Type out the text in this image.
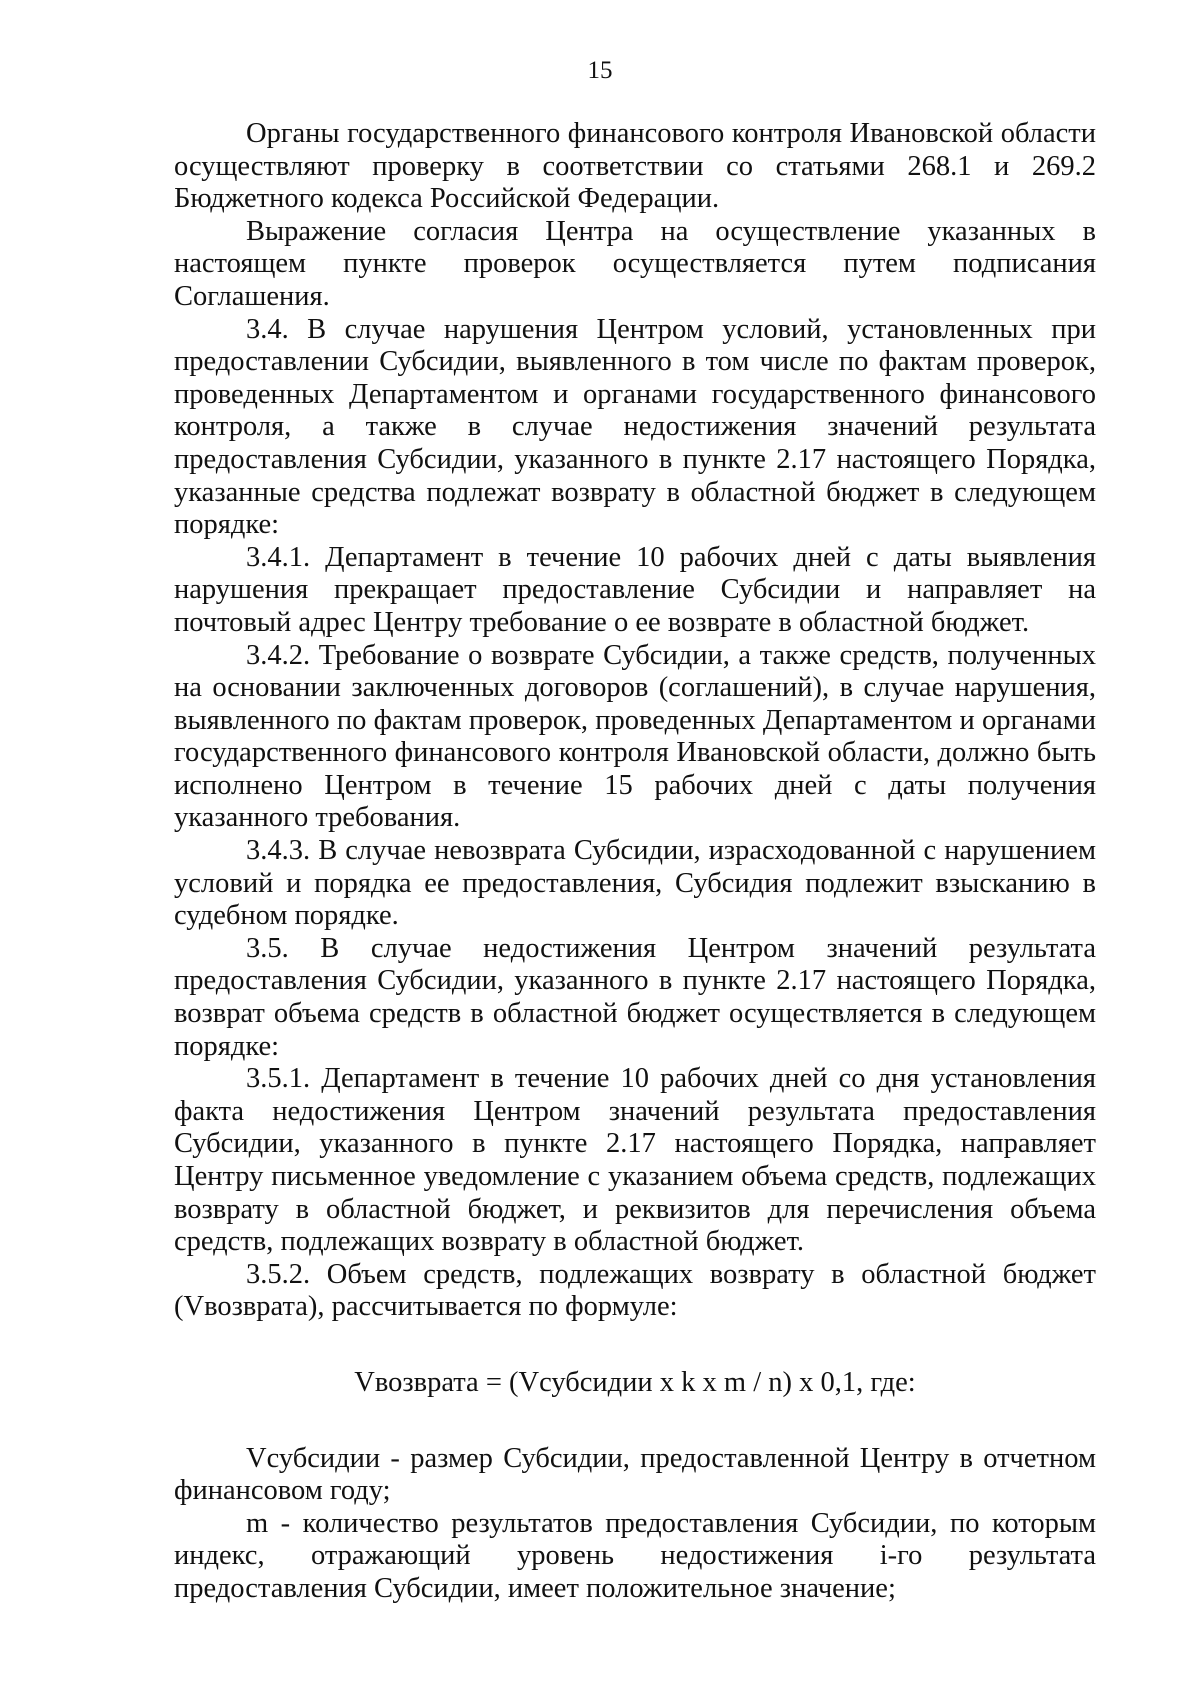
15

Органы государственного финансового контроля Ивановской области осуществляют проверку в соответствии со статьями 268.1 и 269.2 Бюджетного кодекса Российской Федерации.

Выражение согласия Центра на осуществление указанных в настоящем пункте проверок осуществляется путем подписания Соглашения.

3.4. В случае нарушения Центром условий, установленных при предоставлении Субсидии, выявленного в том числе по фактам проверок, проведенных Департаментом и органами государственного финансового контроля, а также в случае недостижения значений результата предоставления Субсидии, указанного в пункте 2.17 настоящего Порядка, указанные средства подлежат возврату в областной бюджет в следующем порядке:

3.4.1. Департамент в течение 10 рабочих дней с даты выявления нарушения прекращает предоставление Субсидии и направляет на почтовый адрес Центру требование о ее возврате в областной бюджет.

3.4.2. Требование о возврате Субсидии, а также средств, полученных на основании заключенных договоров (соглашений), в случае нарушения, выявленного по фактам проверок, проведенных Департаментом и органами государственного финансового контроля Ивановской области, должно быть исполнено Центром в течение 15 рабочих дней с даты получения указанного требования.

3.4.3. В случае невозврата Субсидии, израсходованной с нарушением условий и порядка ее предоставления, Субсидия подлежит взысканию в судебном порядке.

3.5. В случае недостижения Центром значений результата предоставления Субсидии, указанного в пункте 2.17 настоящего Порядка, возврат объема средств в областной бюджет осуществляется в следующем порядке:

3.5.1. Департамент в течение 10 рабочих дней со дня установления факта недостижения Центром значений результата предоставления Субсидии, указанного в пункте 2.17 настоящего Порядка, направляет Центру письменное уведомление с указанием объема средств, подлежащих возврату в областной бюджет, и реквизитов для перечисления объема средств, подлежащих возврату в областной бюджет.

3.5.2. Объем средств, подлежащих возврату в областной бюджет (Vвозврата), рассчитывается по формуле:

Vвозврата = (Vсубсидии x k x m / n) x 0,1, где:

Vсубсидии - размер Субсидии, предоставленной Центру в отчетном финансовом году;

m - количество результатов предоставления Субсидии, по которым индекс, отражающий уровень недостижения i-го результата предоставления Субсидии, имеет положительное значение;
